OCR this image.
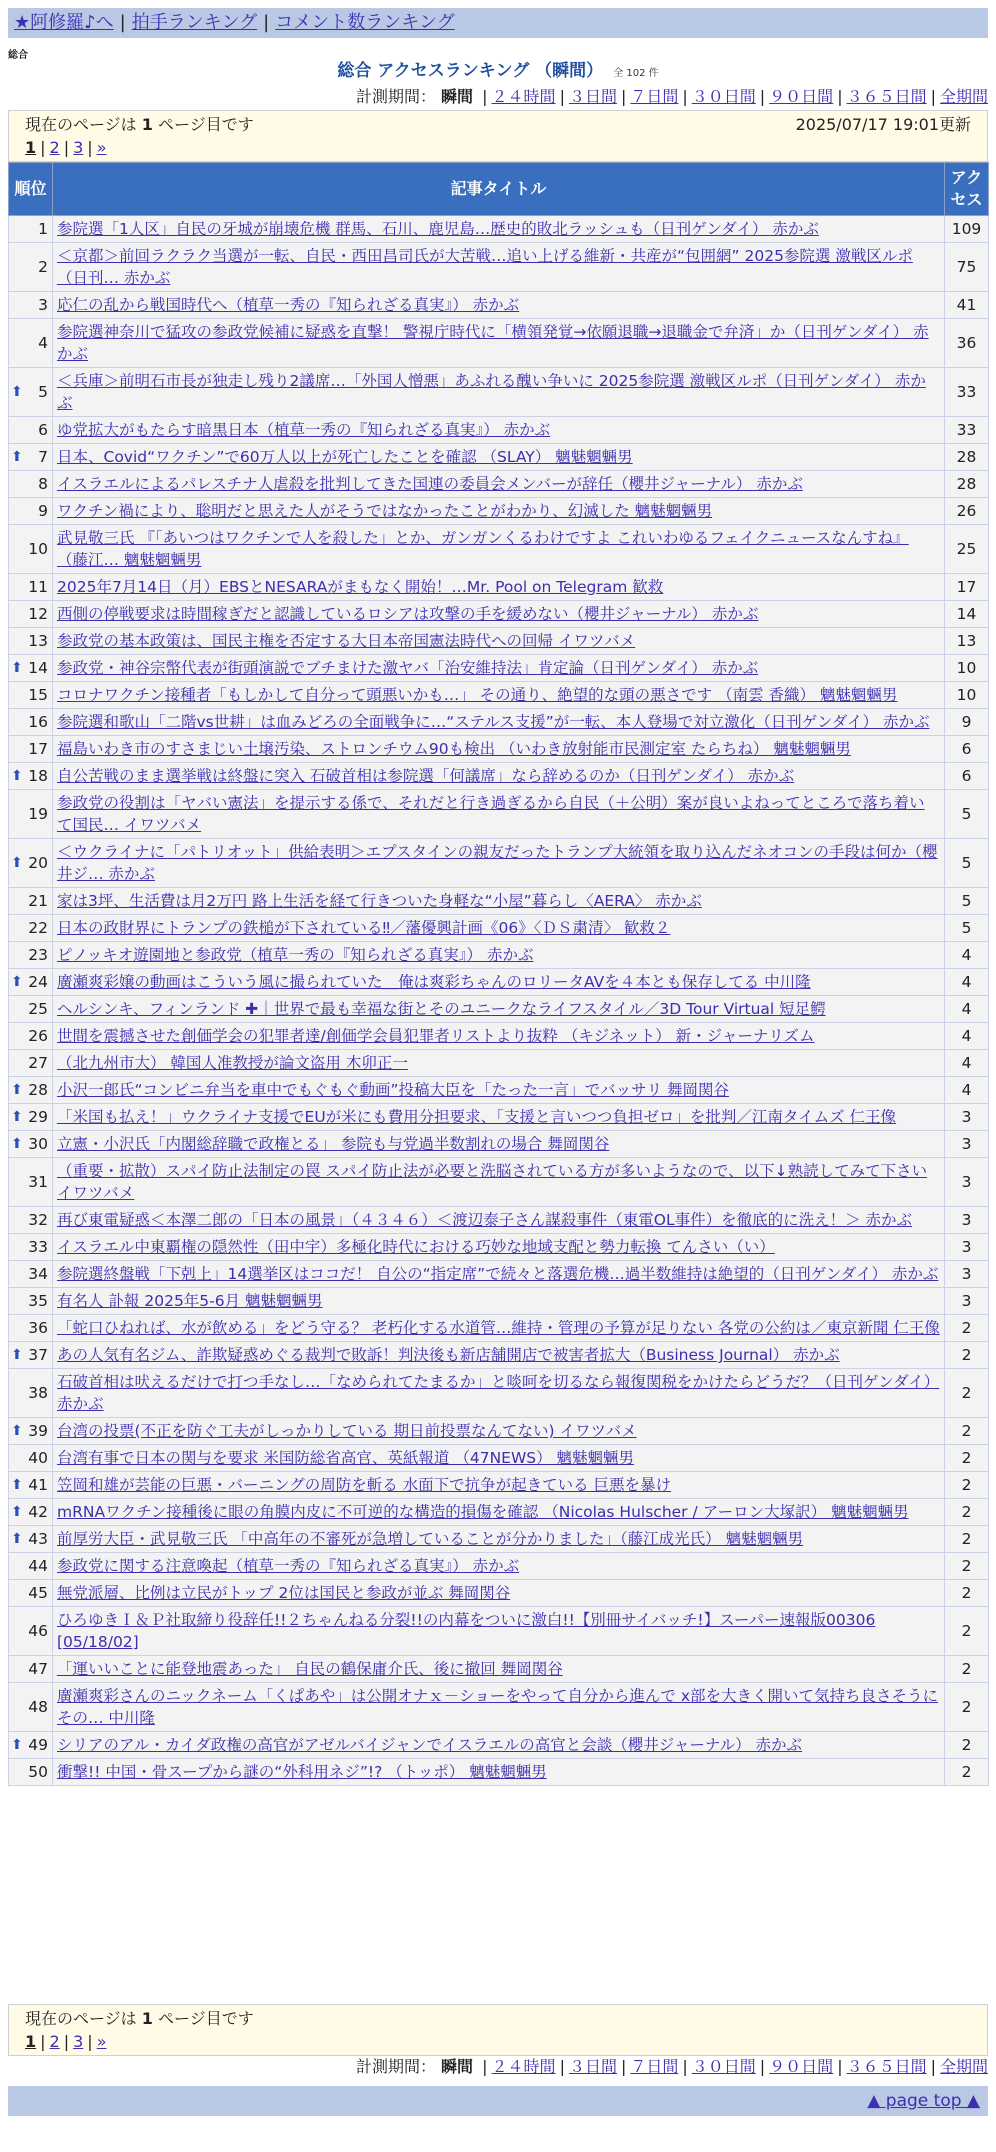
★阿修羅♪へ | 拍手ランキング | コメント数ランキング
総合
総合 アクセスランキング （瞬間） 全 102 件
計測期間： 瞬間 | ２４時間 | ３日間 | ７日間 | ３０日間 | ９０日間 | ３６５日間 | 全期間
現在のページは 1 ページ目です	2025/07/17 19:01更新
1 | 2 | 3 | »
順位	記事タイトル	アクセス
1	参院選「1人区」自民の牙城が崩壊危機 群馬、石川、鹿児島…歴史的敗北ラッシュも（日刊ゲンダイ） 赤かぶ	109
2	＜京都＞前回ラクラク当選が一転、自民・西田昌司氏が大苦戦…追い上げる維新・共産が“包囲網” 2025参院選 激戦区ルポ（日刊… 赤かぶ	75
3	応仁の乱から戦国時代へ（植草一秀の『知られざる真実』） 赤かぶ	41
4	参院選神奈川で猛攻の参政党候補に疑惑を直撃！ 警視庁時代に「横領発覚→依願退職→退職金で弁済」か（日刊ゲンダイ） 赤かぶ	36

⬆ 5	＜兵庫＞前明石市長が独走し残り2議席…「外国人憎悪」あふれる醜い争いに 2025参院選 激戦区ルポ（日刊ゲンダイ） 赤かぶ	33
6	ゆ党拡大がもたらす暗黒日本（植草一秀の『知られざる真実』） 赤かぶ	33

⬆ 7	日本、Covid“ワクチン”で60万人以上が死亡したことを確認 （SLAY） 魑魅魍魎男	28
8	イスラエルによるパレスチナ人虐殺を批判してきた国連の委員会メンバーが辞任（櫻井ジャーナル） 赤かぶ	28
9	ワクチン禍により、聡明だと思えた人がそうではなかったことがわかり、幻滅した 魑魅魍魎男	26
10	武見敬三氏 『「あいつはワクチンで人を殺した」とか、ガンガンくるわけですよ これいわゆるフェイクニュースなんすね』 （藤江… 魑魅魍魎男	25
11	2025年7月14日（月）EBSとNESARAがまもなく開始！…Mr. Pool on Telegram 歓救	17
12	西側の停戦要求は時間稼ぎだと認識しているロシアは攻撃の手を緩めない（櫻井ジャーナル） 赤かぶ	14
13	参政党の基本政策は、国民主権を否定する大日本帝国憲法時代への回帰 イワツバメ	13

⬆ 14	参政党・神谷宗幣代表が街頭演説でブチまけた激ヤバ「治安維持法」肯定論（日刊ゲンダイ） 赤かぶ	10
15	コロナワクチン接種者「もしかして自分って頭悪いかも…」 その通り、絶望的な頭の悪さです （南雲 香織） 魑魅魍魎男	10
16	参院選和歌山「二階vs世耕」は血みどろの全面戦争に…“ステルス支援”が一転、本人登場で対立激化（日刊ゲンダイ） 赤かぶ	9
17	福島いわき市のすさまじい土壌汚染、ストロンチウム90も検出 （いわき放射能市民測定室 たらちね） 魑魅魍魎男	6

⬆ 18	自公苦戦のまま選挙戦は終盤に突入 石破首相は参院選「何議席」なら辞めるのか（日刊ゲンダイ） 赤かぶ	6
19	参政党の役割は「ヤバい憲法」を提示する係で、それだと行き過ぎるから自民（＋公明）案が良いよねってところで落ち着いて国民… イワツバメ	5

⬆ 20	＜ウクライナに「パトリオット」供給表明＞エプスタインの親友だったトランプ大統領を取り込んだネオコンの手段は何か（櫻井ジ… 赤かぶ	5
21	家は3坪、生活費は月2万円 路上生活を経て行きついた身軽な“小屋”暮らし〈AERA〉 赤かぶ	5
22	日本の政財界にトランプの鉄槌が下されている‼／藩優興計画《06》〈ＤＳ粛清〉 歓救２	5
23	ピノッキオ遊園地と参政党（植草一秀の『知られざる真実』） 赤かぶ	4

⬆ 24	廣瀬爽彩嬢の動画はこういう風に撮られていた＿俺は爽彩ちゃんのロリータAVを４本とも保存してる 中川隆	4
25	ヘルシンキ、フィンランド ✚｜世界で最も幸福な街とそのユニークなライフスタイル／3D Tour Virtual 短足鰐	4
26	世間を震撼させた創価学会の犯罪者達/創価学会員犯罪者リストより抜粋 （キジネット） 新・ジャーナリズム	4
27	（北九州市大） 韓国人准教授が論文盗用 木卯正一	4

⬆ 28	小沢一郎氏“コンビニ弁当を車中でもぐもぐ動画”投稿大臣を「たった一言」でバッサリ 舞岡関谷	4

⬆ 29	「米国も払え！」ウクライナ支援でEUが米にも費用分担要求、「支援と言いつつ負担ゼロ」を批判／江南タイムズ 仁王像	3

⬆ 30	立憲・小沢氏「内閣総辞職で政権とる」 参院も与党過半数割れの場合 舞岡関谷	3
31	（重要・拡散）スパイ防止法制定の罠 スパイ防止法が必要と洗脳されている方が多いようなので、以下↓熟読してみて下さい イワツバメ	3
32	再び東電疑惑＜本澤二郎の「日本の風景」（４３４６）＜渡辺泰子さん謀殺事件（東電OL事件）を徹底的に洗え！＞ 赤かぶ	3
33	イスラエル中東覇権の隠然性（田中宇）多極化時代における巧妙な地域支配と勢力転換 てんさい（い）	3
34	参院選終盤戦「下剋上」14選挙区はココだ！ 自公の“指定席”で続々と落選危機…過半数維持は絶望的（日刊ゲンダイ） 赤かぶ	3
35	有名人 訃報 2025年5-6月 魑魅魍魎男	3
36	「蛇口ひねれば、水が飲める」をどう守る？ 老朽化する水道管…維持・管理の予算が足りない 各党の公約は／東京新聞 仁王像	2

⬆ 37	あの人気有名ジム、詐欺疑惑めぐる裁判で敗訴！判決後も新店舗開店で被害者拡大（Business Journal） 赤かぶ	2
38	石破首相は吠えるだけで打つ手なし…「なめられてたまるか」と啖呵を切るなら報復関税をかけたらどうだ？（日刊ゲンダイ） 赤かぶ	2

⬆ 39	台湾の投票(不正を防ぐ工夫がしっかりしている 期日前投票なんてない) イワツバメ	2
40	台湾有事で日本の関与を要求 米国防総省高官、英紙報道 （47NEWS） 魑魅魍魎男	2

⬆ 41	笠岡和雄が芸能の巨悪・バーニングの周防を斬る 水面下で抗争が起きている 巨悪を暴け	2

⬆ 42	mRNAワクチン接種後に眼の角膜内皮に不可逆的な構造的損傷を確認 （Nicolas Hulscher / アーロン大塚訳） 魑魅魍魎男	2

⬆ 43	前厚労大臣・武見敬三氏 「中高年の不審死が急増していることが分かりました」（藤江成光氏） 魑魅魍魎男	2
44	参政党に関する注意喚起（植草一秀の『知られざる真実』） 赤かぶ	2
45	無党派層、比例は立民がトップ 2位は国民と参政が並ぶ 舞岡関谷	2
46	ひろゆきＩ＆Ｐ社取締り役辞任!!２ちゃんねる分裂!!の内幕をついに激白!!【別冊サイバッチ!】スーパー速報版00306 [05/18/02]	2
47	「運いいことに能登地震あった」 自民の鶴保庸介氏、後に撤回 舞岡関谷	2
48	廣瀬爽彩さんのニックネーム「くぱあや」は公開オナｘ－ショーをやって自分から進んで x部を大きく開いて気持ち良さそうにその… 中川隆	2

⬆ 49	シリアのアル・カイダ政権の高官がアゼルバイジャンでイスラエルの高官と会談（櫻井ジャーナル） 赤かぶ	2
50	衝撃!! 中国・骨スープから謎の“外科用ネジ”!? （トッポ） 魑魅魍魎男	2
現在のページは 1 ページ目です
1 | 2 | 3 | »
計測期間： 瞬間 | ２４時間 | ３日間 | ７日間 | ３０日間 | ９０日間 | ３６５日間 | 全期間
▲ page top ▲
